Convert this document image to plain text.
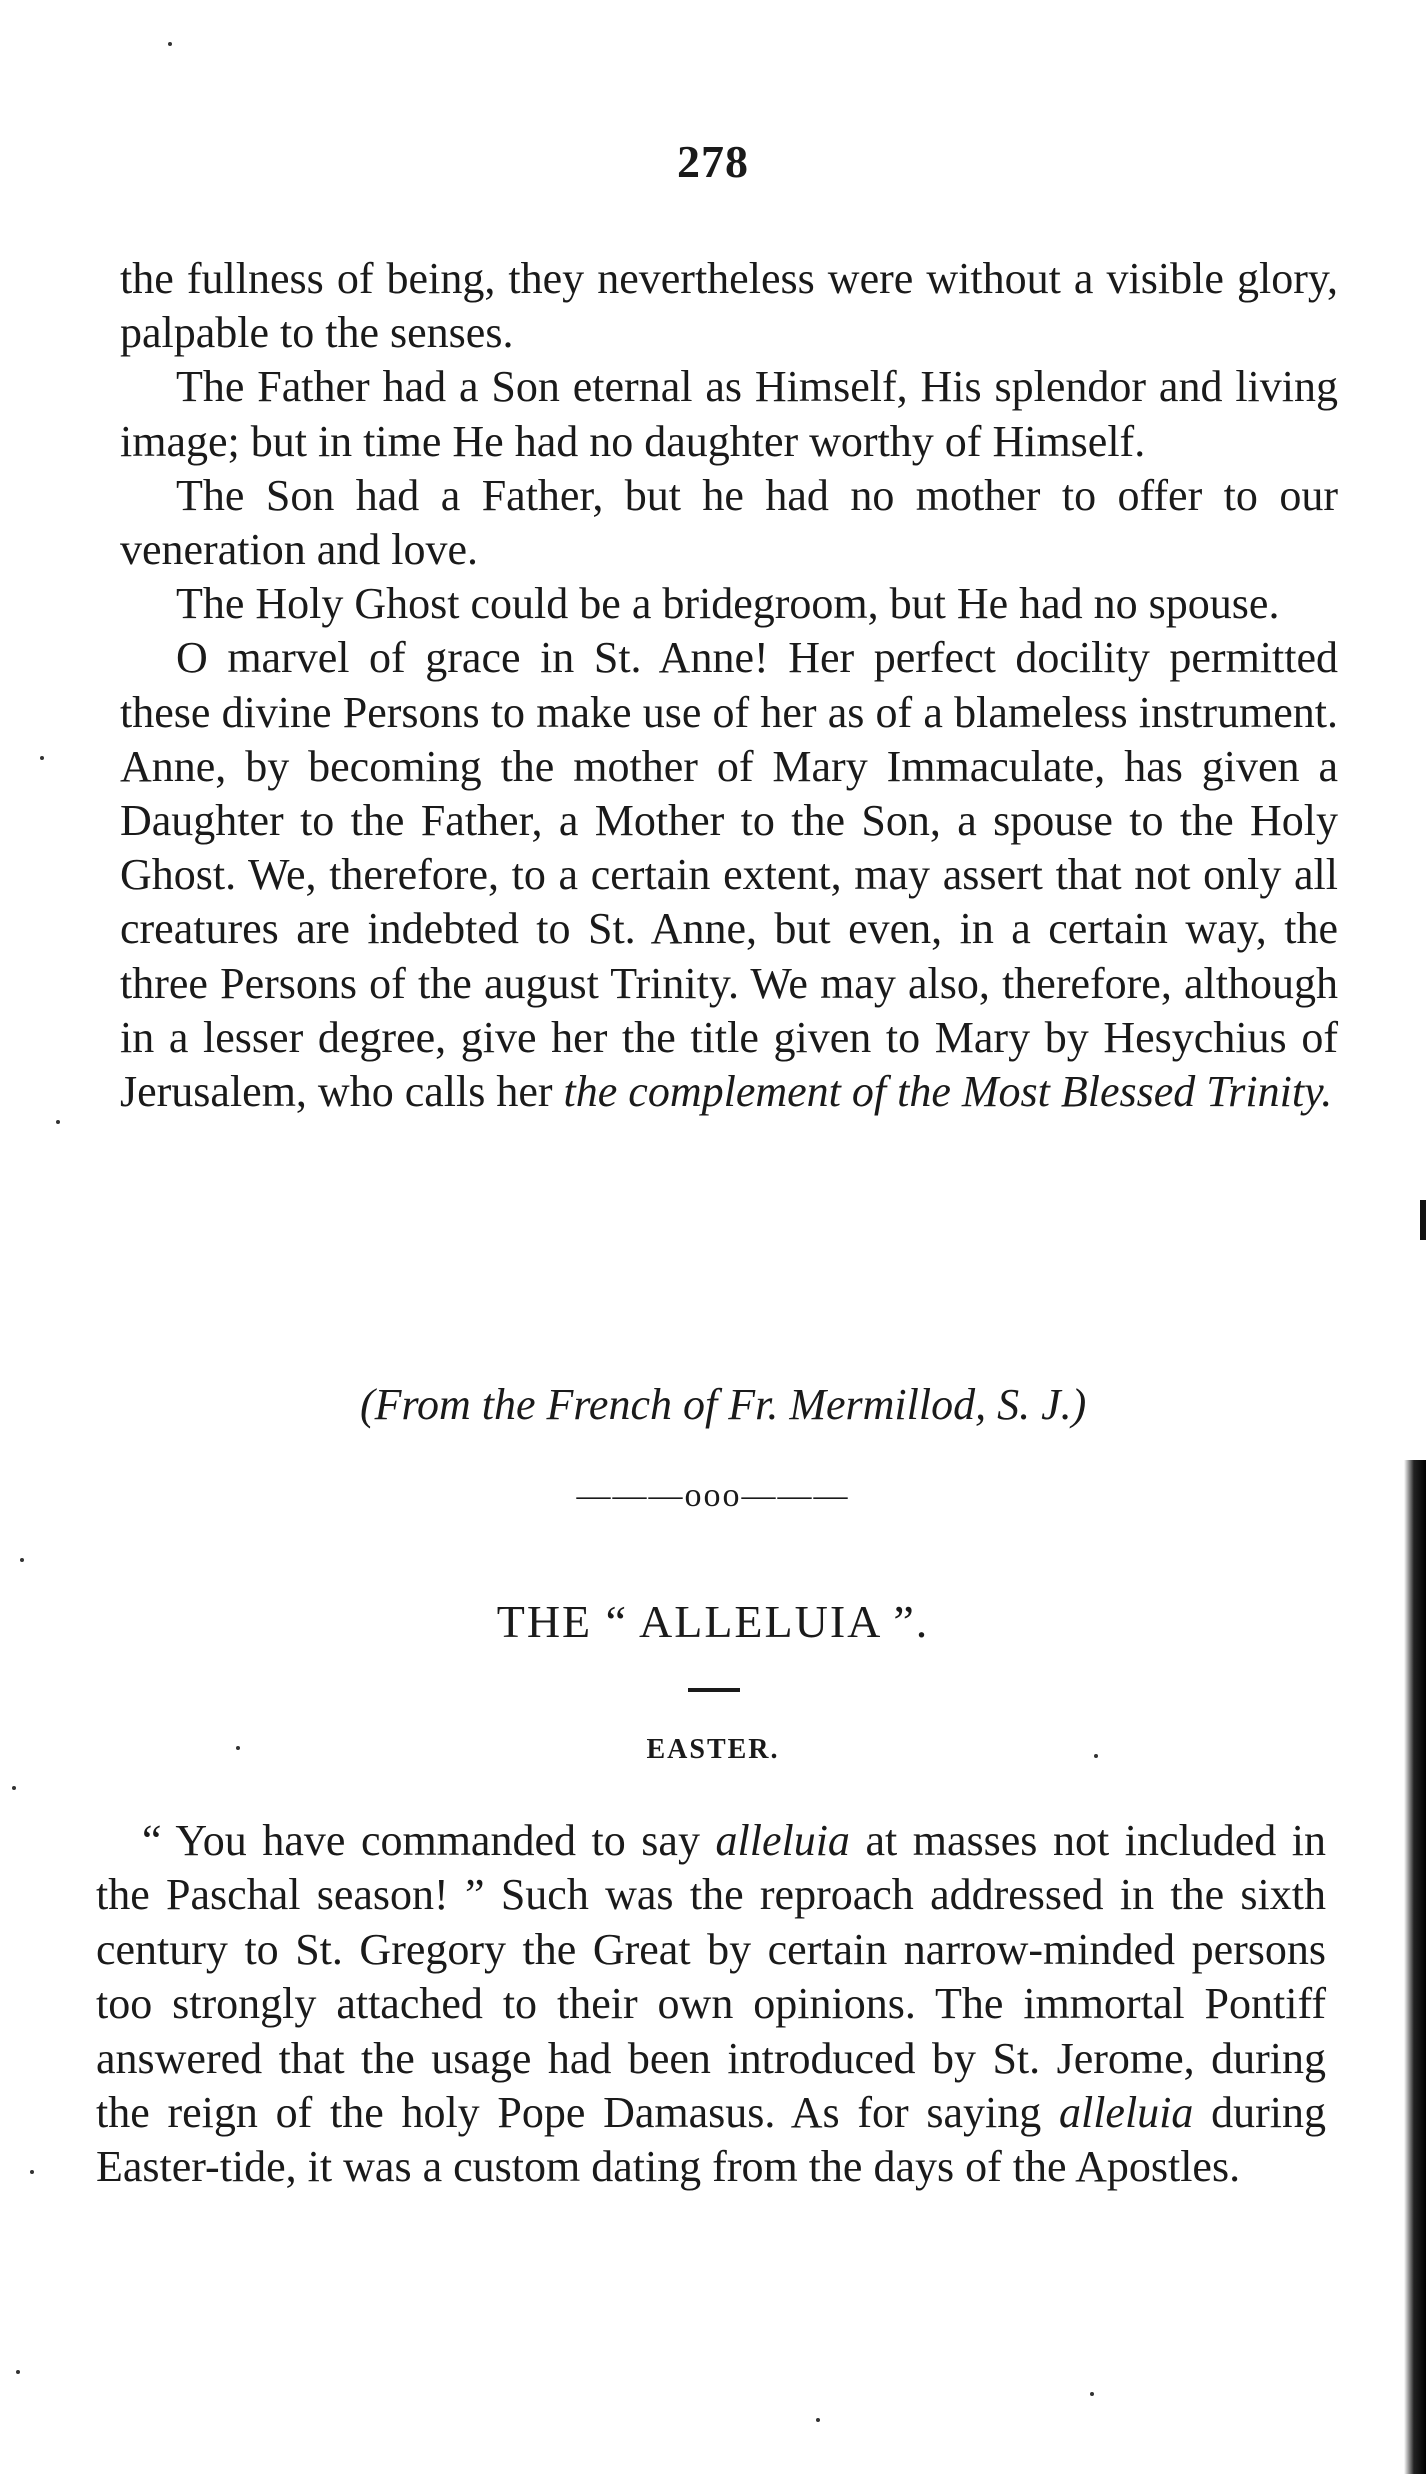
278

the fullness of being, they nevertheless were without a visible glory, palpable to the senses.

The Father had a Son eternal as Himself, His splendor and living image; but in time He had no daughter worthy of Himself.

The Son had a Father, but he had no mother to offer to our veneration and love.

The Holy Ghost could be a bridegroom, but He had no spouse.

O marvel of grace in St. Anne! Her perfect docility permitted these divine Persons to make use of her as of a blameless instrument. Anne, by becoming the mother of Mary Immaculate, has given a Daughter to the Father, a Mother to the Son, a spouse to the Holy Ghost. We, therefore, to a certain extent, may assert that not only all creatures are indebted to St. Anne, but even, in a certain way, the three Persons of the august Trinity. We may also, therefore, although in a lesser degree, give her the title given to Mary by Hesychius of Jerusalem, who calls her the complement of the Most Blessed Trinity.

(From the French of Fr. Mermillod, S. J.)
———ooo———
THE “ ALLELUIA ”.
EASTER.

“ You have commanded to say alleluia at masses not included in the Paschal season! ” Such was the reproach addressed in the sixth century to St. Gregory the Great by certain narrow-minded persons too strongly attached to their own opinions. The immortal Pontiff answered that the usage had been introduced by St. Jerome, during the reign of the holy Pope Damasus. As for saying alleluia during Easter-tide, it was a custom dating from the days of the Apostles.
